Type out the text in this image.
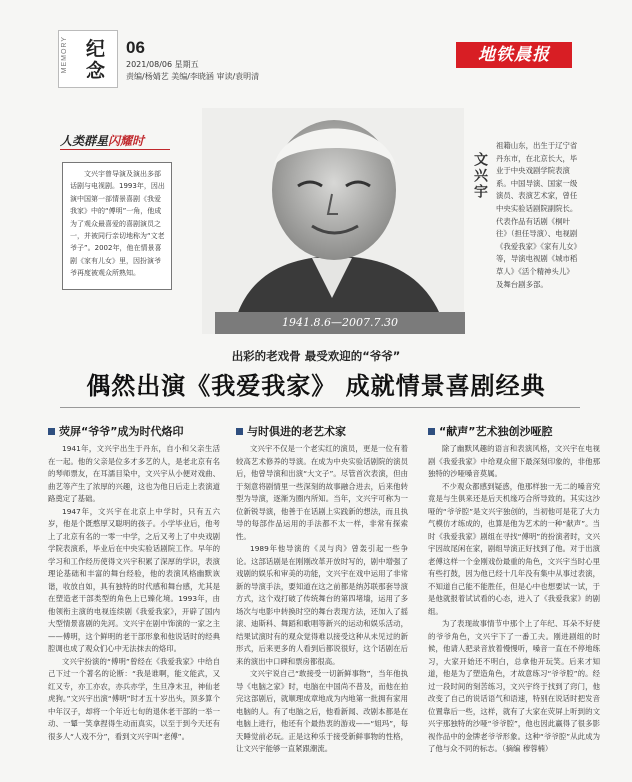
MEMORY 纪念
06
2021/08/06 星期五
责编/杨婧艺 美编/李晓涵 审读/袁明清
地铁晨报
人类群星闪耀时
文兴宇曾导演及演出多部话剧与电视剧。1993年，因出演中国第一部情景喜剧《我爱我家》中的“傅明”一角，他成为了观众最喜爱的喜剧演员之一，并被同行亲切地称为“文老爷子”。2002年，他在情景喜剧《家有儿女》里，因扮演爷爷再度被观众所熟知。
1941.8.6—2007.7.30
文兴宇
祖籍山东，出生于辽宁省丹东市，在北京长大，毕业于中央戏剧学院表演系。中国导演、国家一级演员、表演艺术家，曾任中央实验话剧院副院长。代表作品有话剧《桐叶往》（担任导演）、电视剧《我爱我家》《家有儿女》等，导演电视剧《城市稻草人》《活个精神头儿》及舞台剧多部。
出彩的老戏骨 最受欢迎的“爷爷”
偶然出演《我爱我家》 成就情景喜剧经典
荧屏“爷爷”成为时代烙印

1941年，文兴宇出生于丹东，自小和父亲生活在一起。他的父亲是位多才多艺的人，是老北京有名的琴师票友，在耳濡目染中，文兴宇从小便对戏曲、曲艺等产生了浓厚的兴趣，这也为他日后走上表演道路奠定了基础。

1947年，文兴宇在北京上中学时，只有五六岁，他是个既憨厚又聪明的孩子。小学毕业后，他考上了北京有名的一零一中学，之后又考上了中央戏剧学院表演系，毕业后在中央实验话剧院工作。早年的学习和工作经历使得文兴宇积累了深厚的学识，表演理论基础和丰富的舞台经验，他的表演风格幽默诙谐，收放自如，具有独特的时代感和舞台感，尤其是在塑造老干部类型的角色上已臻化境。1993年，由他领衔主演的电视连续剧《我爱我家》，开辟了国内大型情景喜剧的先河。文兴宇在剧中饰演的一家之主——傅明，这个鲜明的老干部形象和他说话时的经典腔调也成了观众们心中无法抹去的烙印。

文兴宇扮演的“傅明”曾经在《我爱我家》中给自己下过一个著名的论断：“我是谁啊，能文能武，又红又专，亦工亦农，亦兵亦学，生旦净末丑，神仙老虎狗。”文兴宇出演“傅明”时才五十岁出头，顶多算个中年汉子，却将一个年近七旬的退休老干部的一举一动、一颦一笑拿捏得生动而真实，以至于到今天还有很多人“人戏不分”，看到文兴宇叫“老傅”。

与时俱进的老艺术家

文兴宇不仅是一个老实红的演员，更是一位有着较高艺术修养的导演。在成为中央实验话剧院的演员后，他曾导演和出演“大文子”。尽管首次表演，但由于刻意将剧情里一些深刻的故事融合进去，后来他转型为导演，逐渐为圈内所知。当年，文兴宇可称为一位新锐导演，他善于在话剧上实践新的想法，而且执导的每部作品运用的手法都不太一样，非常有探索性。

1989年他导演的《灵与肉》曾轰引起一些争论。这部话剧是在刚刚改革开放时写的，剧中增强了戏剧的娱乐和审美的功能，文兴宇在戏中运用了非常新的导演手法，要知道在这之前都是纳苏联那套导演方式，这个戏打破了传统舞台的第四堵墙，运用了多场次与电影中转换时空的舞台表现方法，还加入了摇滚、迪斯科、舞蹈和歌唱等新兴的运动和娱乐活动，结果试演时有的观众觉得难以接受这种从未见过的新形式，后来更多的人看到后都说很好，这个话剧在后来的演出中口碑和票房都很高。

文兴宇说自己“敢接受一切新鲜事物”，当年他执导《电脑之家》时，电脑在中国尚不普及，而他在拍完这部剧后，就顺理成章地成为内地第一批拥有家用电脑的人。有了电脑之后，他看新闻、改剧本都是在电脑上进行，他还有个最热衷的游戏——“姐玛”，每天睡觉前必玩。正是这种乐于接受新鲜事物的性格，让文兴宇能够一直紧跟潮流。

“献声”艺术独创沙哑腔

除了幽默风趣的语言和表演风格，文兴宇在电视剧《我爱我家》中给观众留下最深刻印象的，非他那独特的沙哑嗓音莫属。

不少观众都感到疑惑，他那样独一无二的嗓音究竟是与生俱来还是后天机缘巧合所导致的。其实这沙哑的“爷爷腔”是文兴宇独创的，当初他可是花了大力气模仿才练成的，也算是他为艺术的一种“献声”。当时《我爱我家》剧组在寻找“傅明”的扮演者时，文兴宇因故尾闲在家，剧组导演正好找到了他。对于出演老傅这样一个金刚戏份最重的角色，文兴宇当时心里有些打鼓，因为他已经十几年没有集中从事过表演，不知道自己能不能胜任，但是心中也想要试一试，于是他就报着试试看的心态，进入了《我爱我家》的剧组。

为了表现故事情节中那个上了年纪、耳朵不好使的爷爷角色，文兴宇下了一番工夫。刚进剧组的时候，他请人把录音放着慢慢听，嗓音一直在不停地练习，大家开始还不明白，总拿他开玩笑。后来才知道，他是为了塑造角色，才故意练习“爷爷腔”的。经过一段时间的刻苦练习，文兴宇终于找到了窍门，他改变了自己的说话语气和语速，特别在说话时把发音位置靠后一些，这样，就有了大家在荧屏上听到的文兴宇那独特的沙哑“爷爷腔”，他也因此赢得了很多影视作品中的金牌老爷爷形象。这种“爷爷腔”从此成为了他与众不同的标志。（摘编 穆蓉楠）
